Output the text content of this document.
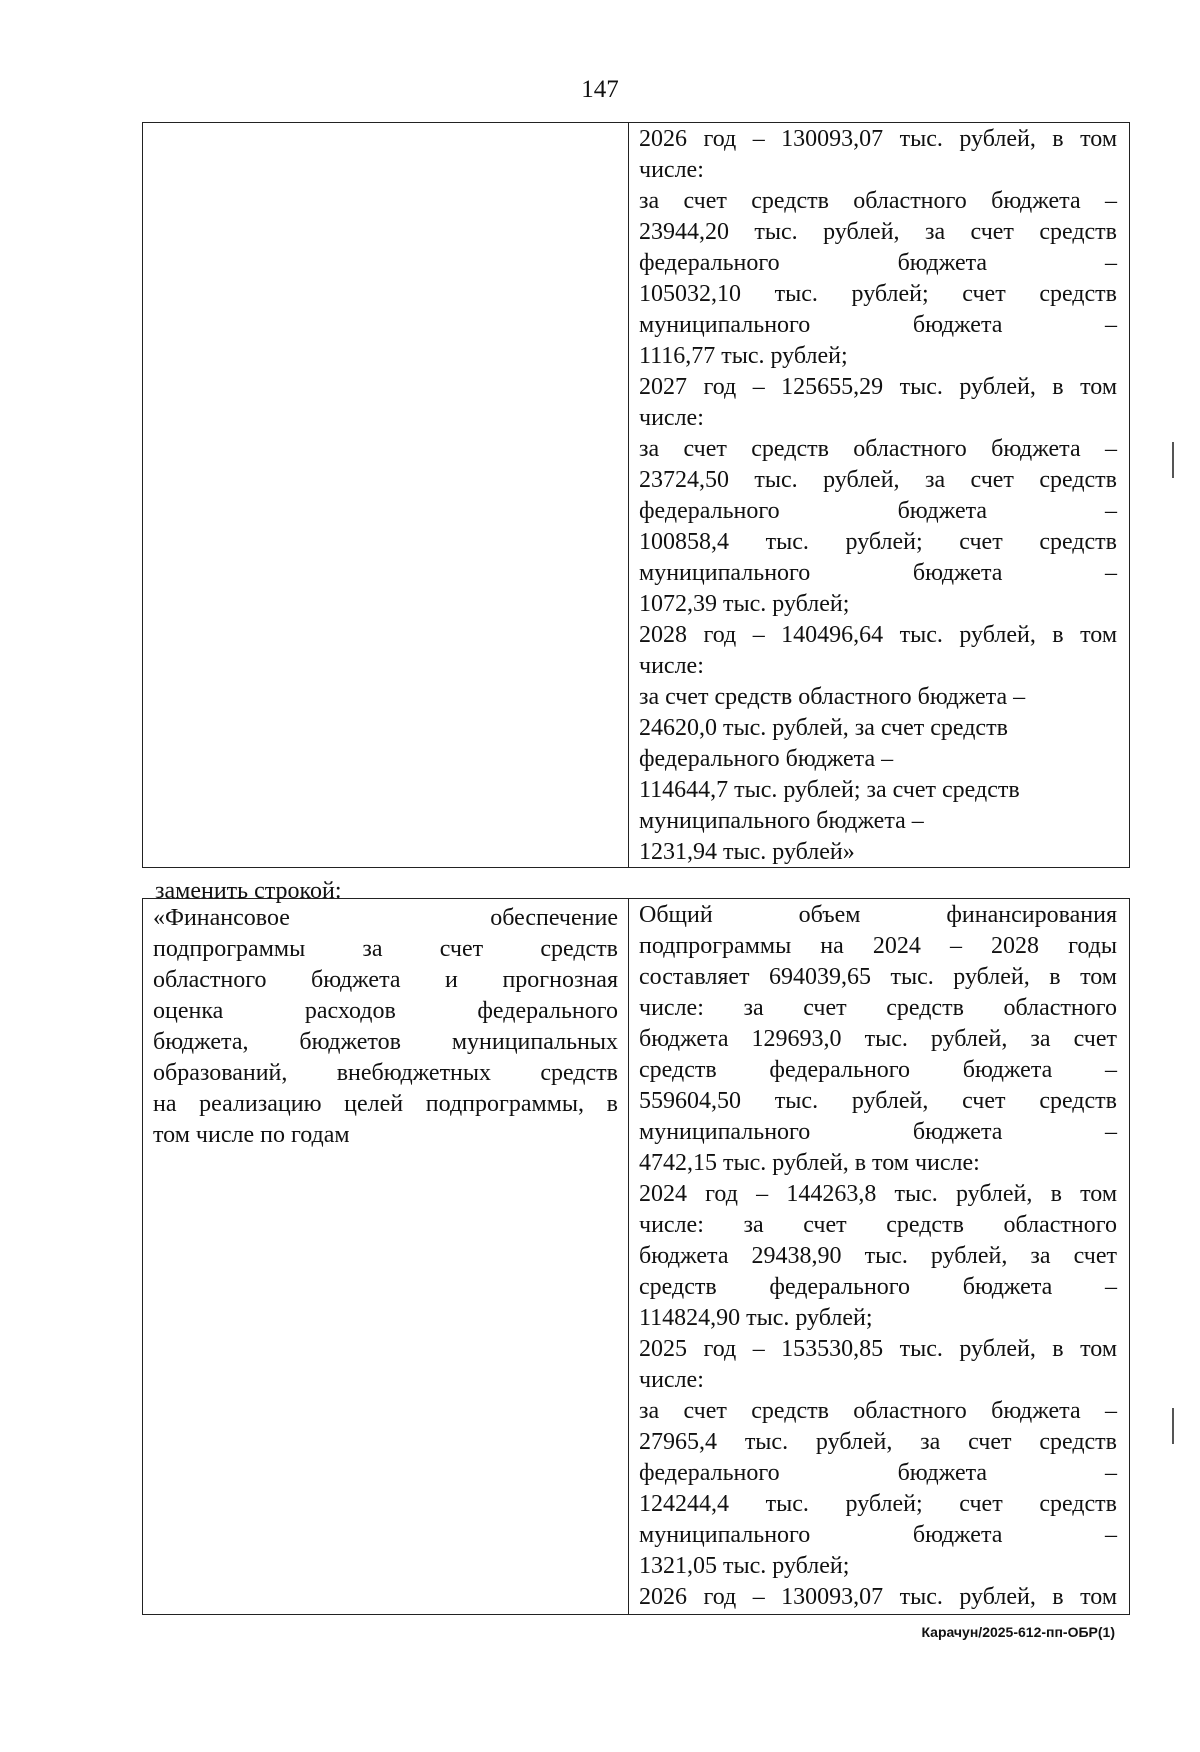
147
2026 год – 130093,07 тыс. рублей, в том
числе:
за счет средств областного бюджета –
23944,20 тыс. рублей, за счет средств
федерального бюджета –
105032,10 тыс. рублей; счет средств
муниципального бюджета –
1116,77 тыс. рублей;
2027 год – 125655,29 тыс. рублей, в том
числе:
за счет средств областного бюджета –
23724,50 тыс. рублей, за счет средств
федерального бюджета –
100858,4 тыс. рублей; счет средств
муниципального бюджета –
1072,39 тыс. рублей;
2028 год – 140496,64 тыс. рублей, в том
числе:
за счет средств областного бюджета –
24620,0 тыс. рублей, за счет средств
федерального бюджета –
114644,7 тыс. рублей; за счет средств
муниципального бюджета –
1231,94 тыс. рублей»
заменить строкой:
«Финансовое обеспечение
подпрограммы за счет средств
областного бюджета и прогнозная
оценка расходов федерального
бюджета, бюджетов муниципальных
образований, внебюджетных средств
на реализацию целей подпрограммы, в
том числе по годам
Общий объем финансирования
подпрограммы на 2024 – 2028 годы
составляет 694039,65 тыс. рублей, в том
числе: за счет средств областного
бюджета 129693,0 тыс. рублей, за счет
средств федерального бюджета –
559604,50 тыс. рублей, счет средств
муниципального бюджета –
4742,15 тыс. рублей, в том числе:
2024 год – 144263,8 тыс. рублей, в том
числе: за счет средств областного
бюджета 29438,90 тыс. рублей, за счет
средств федерального бюджета –
114824,90 тыс. рублей;
2025 год – 153530,85 тыс. рублей, в том
числе:
за счет средств областного бюджета –
27965,4 тыс. рублей, за счет средств
федерального бюджета –
124244,4 тыс. рублей; счет средств
муниципального бюджета –
1321,05 тыс. рублей;
2026 год – 130093,07 тыс. рублей, в том
Карачун/2025-612-пп-ОБР(1)
